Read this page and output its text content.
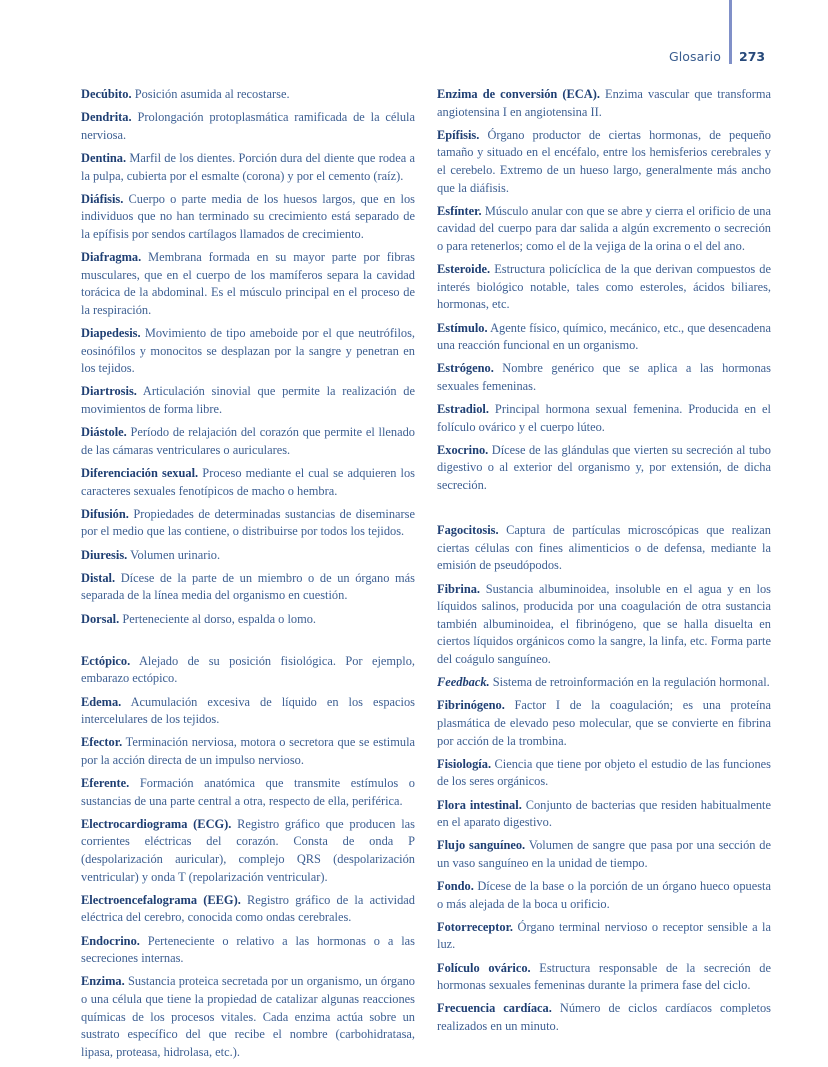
Glosario 273

Decúbito. Posición asumida al recostarse.

Dendrita. Prolongación protoplasmática ramificada de la célula nerviosa.

Dentina. Marfil de los dientes. Porción dura del diente que rodea a la pulpa, cubierta por el esmalte (corona) y por el cemento (raíz).

Diáfisis. Cuerpo o parte media de los huesos largos, que en los individuos que no han terminado su crecimiento está separado de la epífisis por sendos cartílagos llamados de crecimiento.

Diafragma. Membrana formada en su mayor parte por fibras musculares, que en el cuerpo de los mamíferos separa la cavidad torácica de la abdominal. Es el músculo principal en el proceso de la respiración.

Diapedesis. Movimiento de tipo ameboide por el que neutrófilos, eosinófilos y monocitos se desplazan por la sangre y penetran en los tejidos.

Diartrosis. Articulación sinovial que permite la realización de movimientos de forma libre.

Diástole. Período de relajación del corazón que permite el llenado de las cámaras ventriculares o auriculares.

Diferenciación sexual. Proceso mediante el cual se adquieren los caracteres sexuales fenotípicos de macho o hembra.

Difusión. Propiedades de determinadas sustancias de diseminarse por el medio que las contiene, o distribuirse por todos los tejidos.

Diuresis. Volumen urinario.

Distal. Dícese de la parte de un miembro o de un órgano más separada de la línea media del organismo en cuestión.

Dorsal. Perteneciente al dorso, espalda o lomo.

Ectópico. Alejado de su posición fisiológica. Por ejemplo, embarazo ectópico.

Edema. Acumulación excesiva de líquido en los espacios intercelulares de los tejidos.

Efector. Terminación nerviosa, motora o secretora que se estimula por la acción directa de un impulso nervioso.

Eferente. Formación anatómica que transmite estímulos o sustancias de una parte central a otra, respecto de ella, periférica.

Electrocardiograma (ECG). Registro gráfico que producen las corrientes eléctricas del corazón. Consta de onda P (despolarización auricular), complejo QRS (despolarización ventricular) y onda T (repolarización ventricular).

Electroencefalograma (EEG). Registro gráfico de la actividad eléctrica del cerebro, conocida como ondas cerebrales.

Endocrino. Perteneciente o relativo a las hormonas o a las secreciones internas.

Enzima. Sustancia proteica secretada por un organismo, un órgano o una célula que tiene la propiedad de catalizar algunas reacciones químicas de los procesos vitales. Cada enzima actúa sobre un sustrato específico del que recibe el nombre (carbohidratasa, lipasa, proteasa, hidrolasa, etc.).

Enzima de conversión (ECA). Enzima vascular que transforma angiotensina I en angiotensina II.

Epífisis. Órgano productor de ciertas hormonas, de pequeño tamaño y situado en el encéfalo, entre los hemisferios cerebrales y el cerebelo. Extremo de un hueso largo, generalmente más ancho que la diáfisis.

Esfínter. Músculo anular con que se abre y cierra el orificio de una cavidad del cuerpo para dar salida a algún excremento o secreción o para retenerlos; como el de la vejiga de la orina o el del ano.

Esteroide. Estructura policíclica de la que derivan compuestos de interés biológico notable, tales como esteroles, ácidos biliares, hormonas, etc.

Estímulo. Agente físico, químico, mecánico, etc., que desencadena una reacción funcional en un organismo.

Estrógeno. Nombre genérico que se aplica a las hormonas sexuales femeninas.

Estradiol. Principal hormona sexual femenina. Producida en el folículo ovárico y el cuerpo lúteo.

Exocrino. Dícese de las glándulas que vierten su secreción al tubo digestivo o al exterior del organismo y, por extensión, de dicha secreción.

Fagocitosis. Captura de partículas microscópicas que realizan ciertas células con fines alimenticios o de defensa, mediante la emisión de pseudópodos.

Fibrina. Sustancia albuminoidea, insoluble en el agua y en los líquidos salinos, producida por una coagulación de otra sustancia también albuminoidea, el fibrinógeno, que se halla disuelta en ciertos líquidos orgánicos como la sangre, la linfa, etc. Forma parte del coágulo sanguíneo.

Feedback. Sistema de retroinformación en la regulación hormonal.

Fibrinógeno. Factor I de la coagulación; es una proteína plasmática de elevado peso molecular, que se convierte en fibrina por acción de la trombina.

Fisiología. Ciencia que tiene por objeto el estudio de las funciones de los seres orgánicos.

Flora intestinal. Conjunto de bacterias que residen habitualmente en el aparato digestivo.

Flujo sanguíneo. Volumen de sangre que pasa por una sección de un vaso sanguíneo en la unidad de tiempo.

Fondo. Dícese de la base o la porción de un órgano hueco opuesta o más alejada de la boca u orificio.

Fotorreceptor. Órgano terminal nervioso o receptor sensible a la luz.

Folículo ovárico. Estructura responsable de la secreción de hormonas sexuales femeninas durante la primera fase del ciclo.

Frecuencia cardíaca. Número de ciclos cardíacos completos realizados en un minuto.
